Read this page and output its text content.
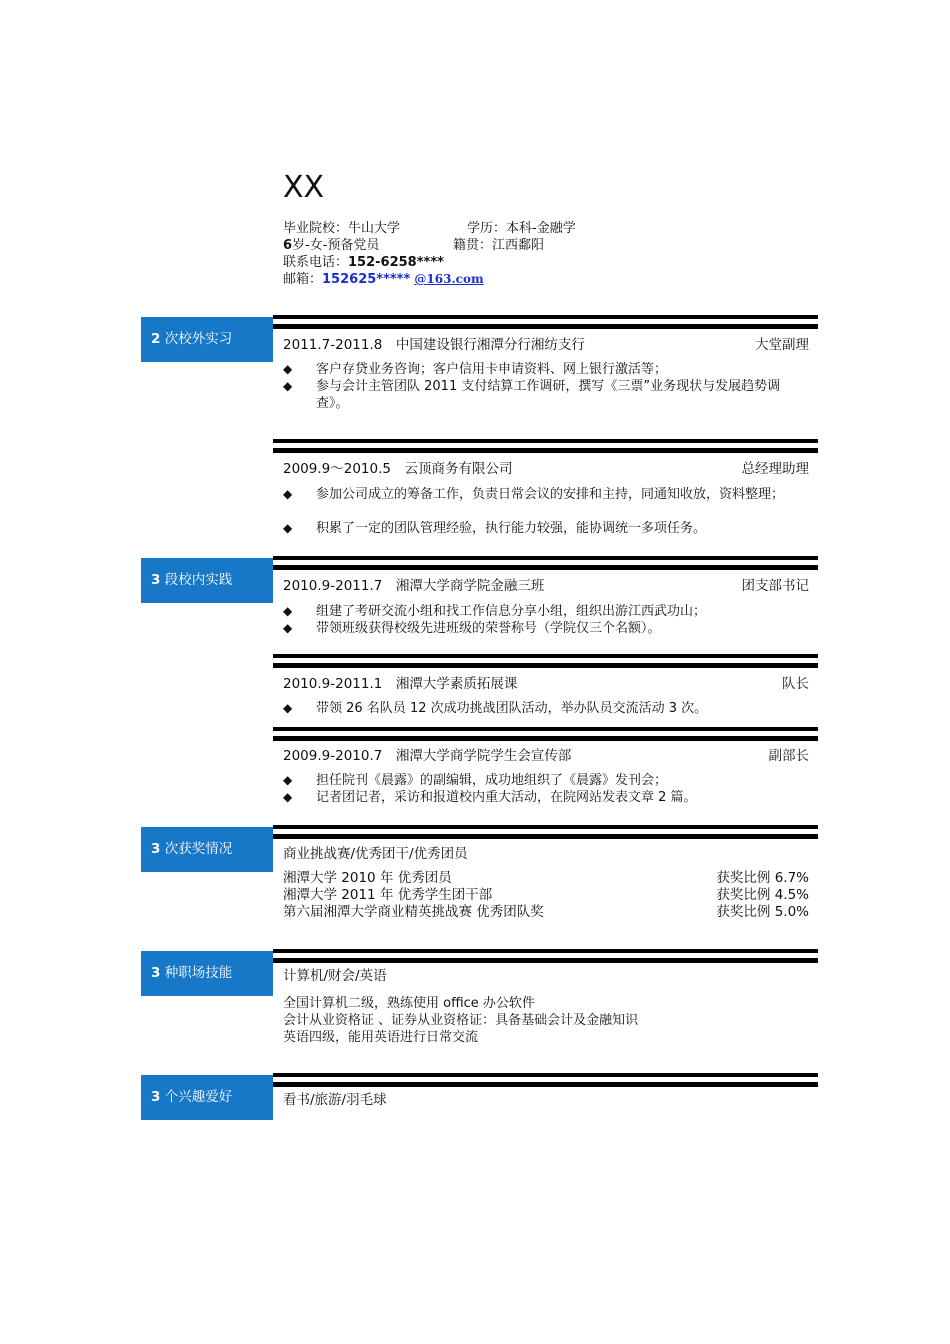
XX
毕业院校：牛山大学	学历：本科-金融学
6岁-女-预备党员	籍贯：江西鄱阳
联系电话：152-6258****
邮箱：152625***** @163.com
2 次校外实习	2011.7-2011.8　中国建设银行湘潭分行湘纺支行	大堂副理
◆	客户存贷业务咨询；客户信用卡申请资料、网上银行激活等；
◆	参与会计主管团队 2011 支付结算工作调研，撰写《三票”业务现状与发展趋势调查》。
2009.9～2010.5　云顶商务有限公司	总经理助理
◆	参加公司成立的筹备工作，负责日常会议的安排和主持，同通知收放，资料整理；
◆	积累了一定的团队管理经验，执行能力较强，能协调统一多项任务。
3 段校内实践	2010.9-2011.7　湘潭大学商学院金融三班	团支部书记
◆	组建了考研交流小组和找工作信息分享小组，组织出游江西武功山；
◆	带领班级获得校级先进班级的荣誉称号（学院仅三个名额）。
2010.9-2011.1　湘潭大学素质拓展课	队长
◆	带领 26 名队员 12 次成功挑战团队活动，举办队员交流活动 3 次。
2009.9-2010.7　湘潭大学商学院学生会宣传部	副部长
◆	担任院刊《晨露》的副编辑，成功地组织了《晨露》发刊会；
◆	记者团记者，采访和报道校内重大活动，在院网站发表文章 2 篇。
3 次获奖情况	商业挑战赛/优秀团干/优秀团员
湘潭大学 2010 年 优秀团员	获奖比例 6.7%
湘潭大学 2011 年 优秀学生团干部	获奖比例 4.5%
第六届湘潭大学商业精英挑战赛 优秀团队奖	获奖比例 5.0%
3 种职场技能	计算机/财会/英语
全国计算机二级，熟练使用 office 办公软件
会计从业资格证 、证券从业资格证：具备基础会计及金融知识
英语四级，能用英语进行日常交流
3 个兴趣爱好	看书/旅游/羽毛球
